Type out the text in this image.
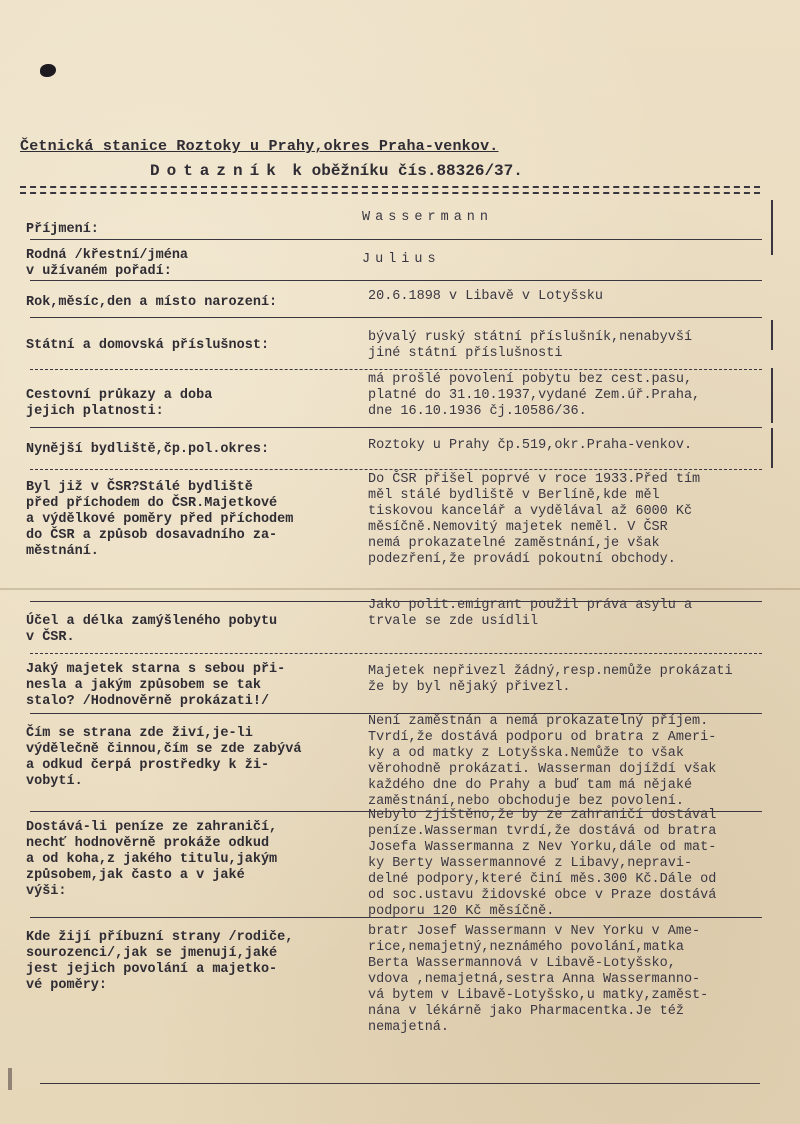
Četnická stanice Roztoky u Prahy,okres Praha-venkov.
Dotazník k oběžníku čís.88326/37.
Příjmení:
Wassermann
Rodná /křestní/jména
v užívaném pořadí:
Julius
Rok,měsíc,den a místo narození:	20.6.1898 v Libavě v Lotyšsku
Státní a domovská příslušnost:
bývalý ruský státní příslušník,nenabyvší
jiné státní příslušnosti
Cestovní průkazy a doba
jejich platnosti:
má prošlé povolení pobytu bez cest.pasu,
platné do 31.10.1937,vydané Zem.úř.Praha,
dne 16.10.1936 čj.10586/36.
Nynější bydliště,čp.pol.okres:	Roztoky u Prahy čp.519,okr.Praha-venkov.
Byl již v ČSR?Stálé bydliště
před příchodem do ČSR.Majetkové
a výdělkové poměry před příchodem
do ČSR a způsob dosavadního za-
městnání.
Do ČSR přišel poprvé v roce 1933.Před tím
měl stálé bydliště v Berlíně,kde měl
tiskovou kancelář a vydělával až 6000 Kč
měsíčně.Nemovitý majetek neměl. V ČSR
nemá prokazatelné zaměstnání,je však
podezření,že provádí pokoutní obchody.
Účel a délka zamýšleného pobytu
v ČSR.
Jako polit.emigrant použil práva asylu a
trvale se zde usídlil
Jaký majetek starna s sebou při-
nesla a jakým způsobem se tak
stalo? /Hodnověrně prokázati!/
Majetek nepřivezl žádný,resp.nemůže prokázati
že by byl nějaký přivezl.
Čím se strana zde živí,je-li
výdělečně činnou,čím se zde zabývá
a odkud čerpá prostředky k ži-
vobytí.
Není zaměstnán a nemá prokazatelný příjem.
Tvrdí,že dostává podporu od bratra z Ameri-
ky a od matky z Lotyšska.Nemůže to však
věrohodně prokázati. Wasserman dojíždí však
každého dne do Prahy a buď tam má nějaké
zaměstnání,nebo obchoduje bez povolení.
Dostává-li peníze ze zahraničí,
nechť hodnověrně prokáže odkud
a od koha,z jakého titulu,jakým
způsobem,jak často a v jaké
výši:
Nebylo zjištěno,že by ze zahraničí dostával
peníze.Wasserman tvrdí,že dostává od bratra
Josefa Wassermanna z Nev Yorku,dále od mat-
ky Berty Wassermannové z Libavy,nepravi-
delné podpory,které činí měs.300 Kč.Dále od
od soc.ustavu židovské obce v Praze dostává
podporu 120 Kč měsíčně.
Kde žijí příbuzní strany /rodiče,
sourozenci/,jak se jmenují,jaké
jest jejich povolání a majetko-
vé poměry:
bratr Josef Wassermann v Nev Yorku v Ame-
rice,nemajetný,neznámého povolání,matka
Berta Wassermannová v Libavě-Lotyšsko,
vdova ,nemajetná,sestra Anna Wassermanno-
vá bytem v Libavě-Lotyšsko,u matky,zaměst-
nána v lékárně jako Pharmacentka.Je též
nemajetná.
